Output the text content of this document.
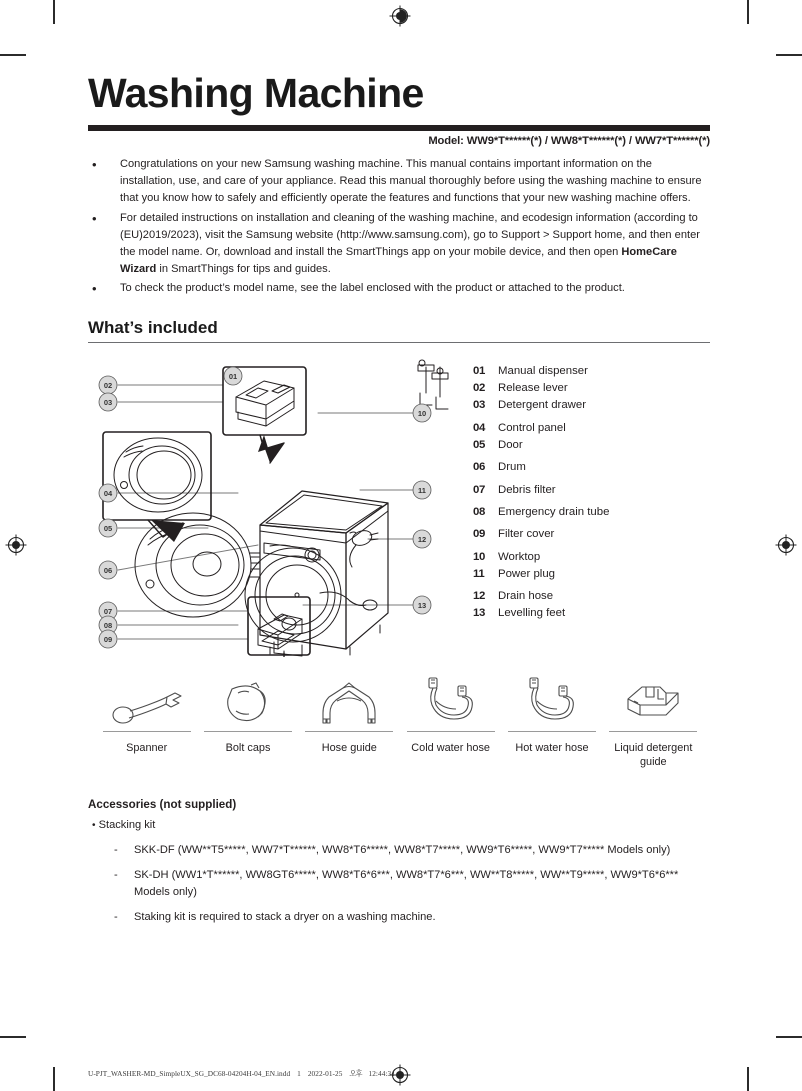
Washing Machine
Model: WW9*T******(*) / WW8*T******(*) / WW7*T******(*)
• Congratulations on your new Samsung washing machine. This manual contains important information on the installation, use, and care of your appliance. Read this manual thoroughly before using the washing machine to ensure that you know how to safely and efficiently operate the features and functions that your new washing machine offers.
• For detailed instructions on installation and cleaning of the washing machine, and ecodesign information (according to (EU)2019/2023), visit the Samsung website (http://www.samsung.com), go to Support > Support home, and then enter the model name. Or, download and install the SmartThings app on your mobile device, and then open HomeCare Wizard in SmartThings for tips and guides.
• To check the product’s model name, see the label enclosed with the product or attached to the product.
What’s included
02
03
01
04
05
06
07
08
09
10
11
12
13
01	Manual dispenser
02	Release lever
03	Detergent drawer
04	Control panel
05	Door
06	Drum
07	Debris filter
08	Emergency drain tube
09	Filter cover
10	Worktop
11	Power plug
12	Drain hose
13	Levelling feet
Spanner	Bolt caps	Hose guide	Cold water hose Hot water hose Liquid detergent guide
Accessories (not supplied)
• Stacking kit
- SKK-DF (WW**T5*****, WW7*T******, WW8*T6*****, WW8*T7*****, WW9*T6*****, WW9*T7***** Models only)
- SK-DH (WW1*T******, WW8GT6*****, WW8*T6*6***, WW8*T7*6***, WW**T8*****, WW**T9*****, WW9*T6*6*** Models only)
- Staking kit is required to stack a dryer on a washing machine.
U-PJT_WASHER-MD_SimpleUX_SG_DC68-04204H-04_EN.indd 1 2022-01-25 오후 12:44:34
